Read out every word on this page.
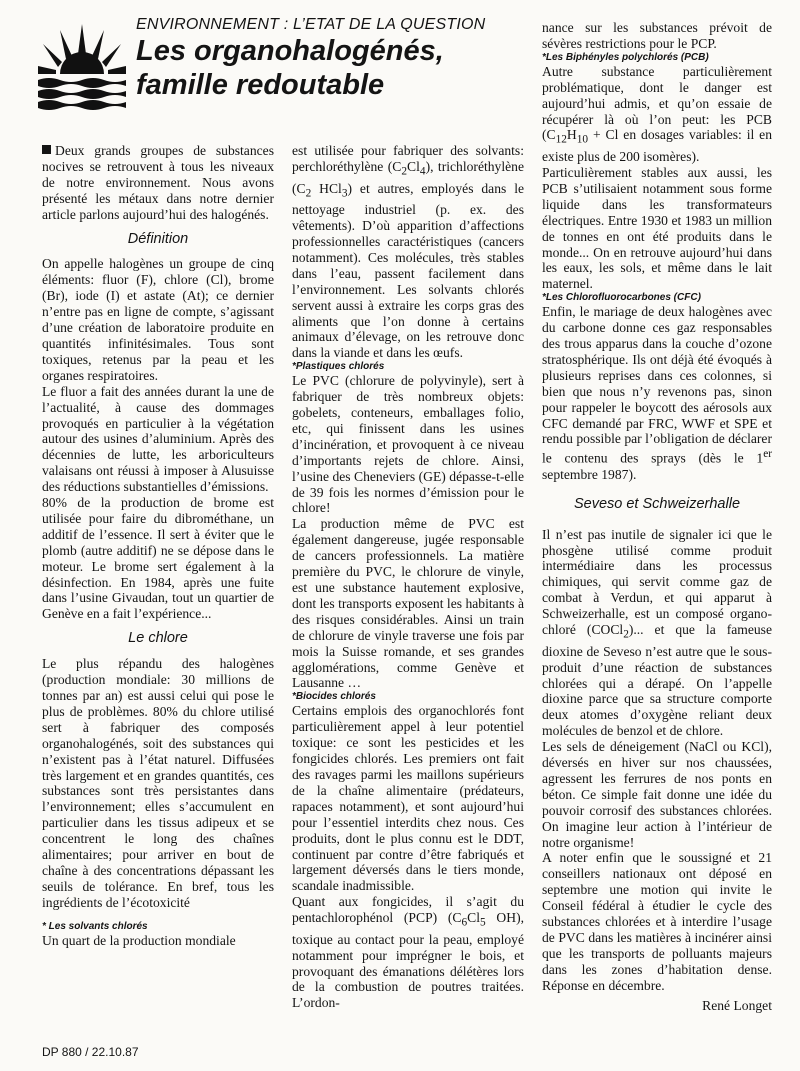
ENVIRONNEMENT : L’ETAT DE LA QUESTION
Les organohalogénés,
famille redoutable

Deux grands groupes de substances nocives se retrouvent à tous les niveaux de notre environnement. Nous avons présenté les métaux dans notre dernier article parlons aujourd’hui des halogénés.

Définition

On appelle halogènes un groupe de cinq éléments: fluor (F), chlore (Cl), brome (Br), iode (I) et astate (At); ce dernier n’entre pas en ligne de compte, s’agissant d’une création de laboratoire produite en quantités infinitésimales. Tous sont toxiques, retenus par la peau et les organes respiratoires.

Le fluor a fait des années durant la une de l’actualité, à cause des dommages provoqués en particulier à la végétation autour des usines d’aluminium. Après des décennies de lutte, les arboriculteurs valaisans ont réussi à imposer à Alusuisse des réductions substantielles d’émissions.

80% de la production de brome est utilisée pour faire du dibrométhane, un additif de l’essence. Il sert à éviter que le plomb (autre additif) ne se dépose dans le moteur. Le brome sert également à la désinfection. En 1984, après une fuite dans l’usine Givaudan, tout un quartier de Genève en a fait l’expérience...

Le chlore

Le plus répandu des halogènes (production mondiale: 30 millions de tonnes par an) est aussi celui qui pose le plus de problèmes. 80% du chlore utilisé sert à fabriquer des composés organohalogénés, soit des substances qui n’existent pas à l’état naturel. Diffusées très largement et en grandes quantités, ces substances sont très persistantes dans l’environnement; elles s’accumulent en particulier dans les tissus adipeux et se concentrent le long des chaînes alimentaires; pour arriver en bout de chaîne à des concentrations dépassant les seuils de tolérance. En bref, tous les ingrédients de l’écotoxicité

* Les solvants chlorés

Un quart de la production mondiale

est utilisée pour fabriquer des solvants: perchloréthylène $(C_2Cl_4)$, trichloréthylène ($C_2$ HCl$_3$) et autres, employés dans le nettoyage industriel (p. ex. des vêtements). D’où apparition d’affections professionnelles caractéristiques (cancers notamment). Ces molécules, très stables dans l’eau, passent facilement dans l’environnement. Les solvants chlorés servent aussi à extraire les corps gras des aliments que l’on donne à certains animaux d’élevage, on les retrouve donc dans la viande et dans les œufs.

*Plastiques chlorés

Le PVC (chlorure de polyvinyle), sert à fabriquer de très nombreux objets: gobelets, conteneurs, emballages folio, etc, qui finissent dans les usines d’incinération, et provoquent à ce niveau d’importants rejets de chlore. Ainsi, l’usine des Cheneviers (GE) dépasse-t-elle de 39 fois les normes d’émission pour le chlore!

La production même de PVC est également dangereuse, jugée responsable de cancers professionnels. La matière première du PVC, le chlorure de vinyle, est une substance hautement explosive, dont les transports exposent les habitants à des risques considérables. Ainsi un train de chlorure de vinyle traverse une fois par mois la Suisse romande, et ses grandes agglomérations, comme Genève et Lausanne …

*Biocides chlorés

Certains emplois des organochlorés font particulièrement appel à leur potentiel toxique: ce sont les pesticides et les fongicides chlorés. Les premiers ont fait des ravages parmi les maillons supérieurs de la chaîne alimentaire (prédateurs, rapaces notamment), et sont aujourd’hui pour l’essentiel interdits chez nous. Ces produits, dont le plus connu est le DDT, continuent par contre d’être fabriqués et largement déversés dans le tiers monde, scandale inadmissible.

Quant aux fongicides, il s’agit du pentachlorophénol (PCP) ($C_6Cl_5$ OH), toxique au contact pour la peau, employé notamment pour imprégner le bois, et provoquant des émanations délétères lors de la combustion de poutres traitées. L’ordon-

nance sur les substances prévoit de sévères restrictions pour le PCP.

*Les Biphényles polychlorés (PCB)

Autre substance particulièrement problématique, dont le danger est aujourd’hui admis, et qu’on essaie de récupérer là où l’on peut: les PCB ($C_{12}H_{10} + Cl$ en dosages variables: il en existe plus de 200 isomères).

Particulièrement stables aux aussi, les PCB s’utilisaient notamment sous forme liquide dans les transformateurs électriques. Entre 1930 et 1983 un million de tonnes en ont été produits dans le monde... On en retrouve aujourd’hui dans les eaux, les sols, et même dans le lait maternel.

*Les Chlorofluorocarbones (CFC)

Enfin, le mariage de deux halogènes avec du carbone donne ces gaz responsables des trous apparus dans la couche d’ozone stratosphérique. Ils ont déjà été évoqués à plusieurs reprises dans ces colonnes, si bien que nous n’y revenons pas, sinon pour rappeler le boycott des aérosols aux CFC demandé par FRC, WWF et SPE et rendu possible par l’obligation de déclarer le contenu des sprays (dès le 1er septembre 1987).

Seveso et Schweizerhalle

Il n’est pas inutile de signaler ici que le phosgène utilisé comme produit intermédiaire dans les processus chimiques, qui servit comme gaz de combat à Verdun, et qui apparut à Schweizerhalle, est un composé organo-chloré (COCl$_2$)... et que la fameuse dioxine de Seveso n’est autre que le sous-produit d’une réaction de substances chlorées qui a dérapé. On l’appelle dioxine parce que sa structure comporte deux atomes d’oxygène reliant deux molécules de benzol et de chlore.

Les sels de déneigement (NaCl ou KCl), déversés en hiver sur nos chaussées, agressent les ferrures de nos ponts en béton. Ce simple fait donne une idée du pouvoir corrosif des substances chlorées. On imagine leur action à l’intérieur de notre organisme!

A noter enfin que le soussigné et 21 conseillers nationaux ont déposé en septembre une motion qui invite le Conseil fédéral à étudier le cycle des substances chlorées et à interdire l’usage de PVC dans les matières à incinérer ainsi que les transports de polluants majeurs dans les zones d’habitation dense. Réponse en décembre.

René Longet
DP 880 / 22.10.87
